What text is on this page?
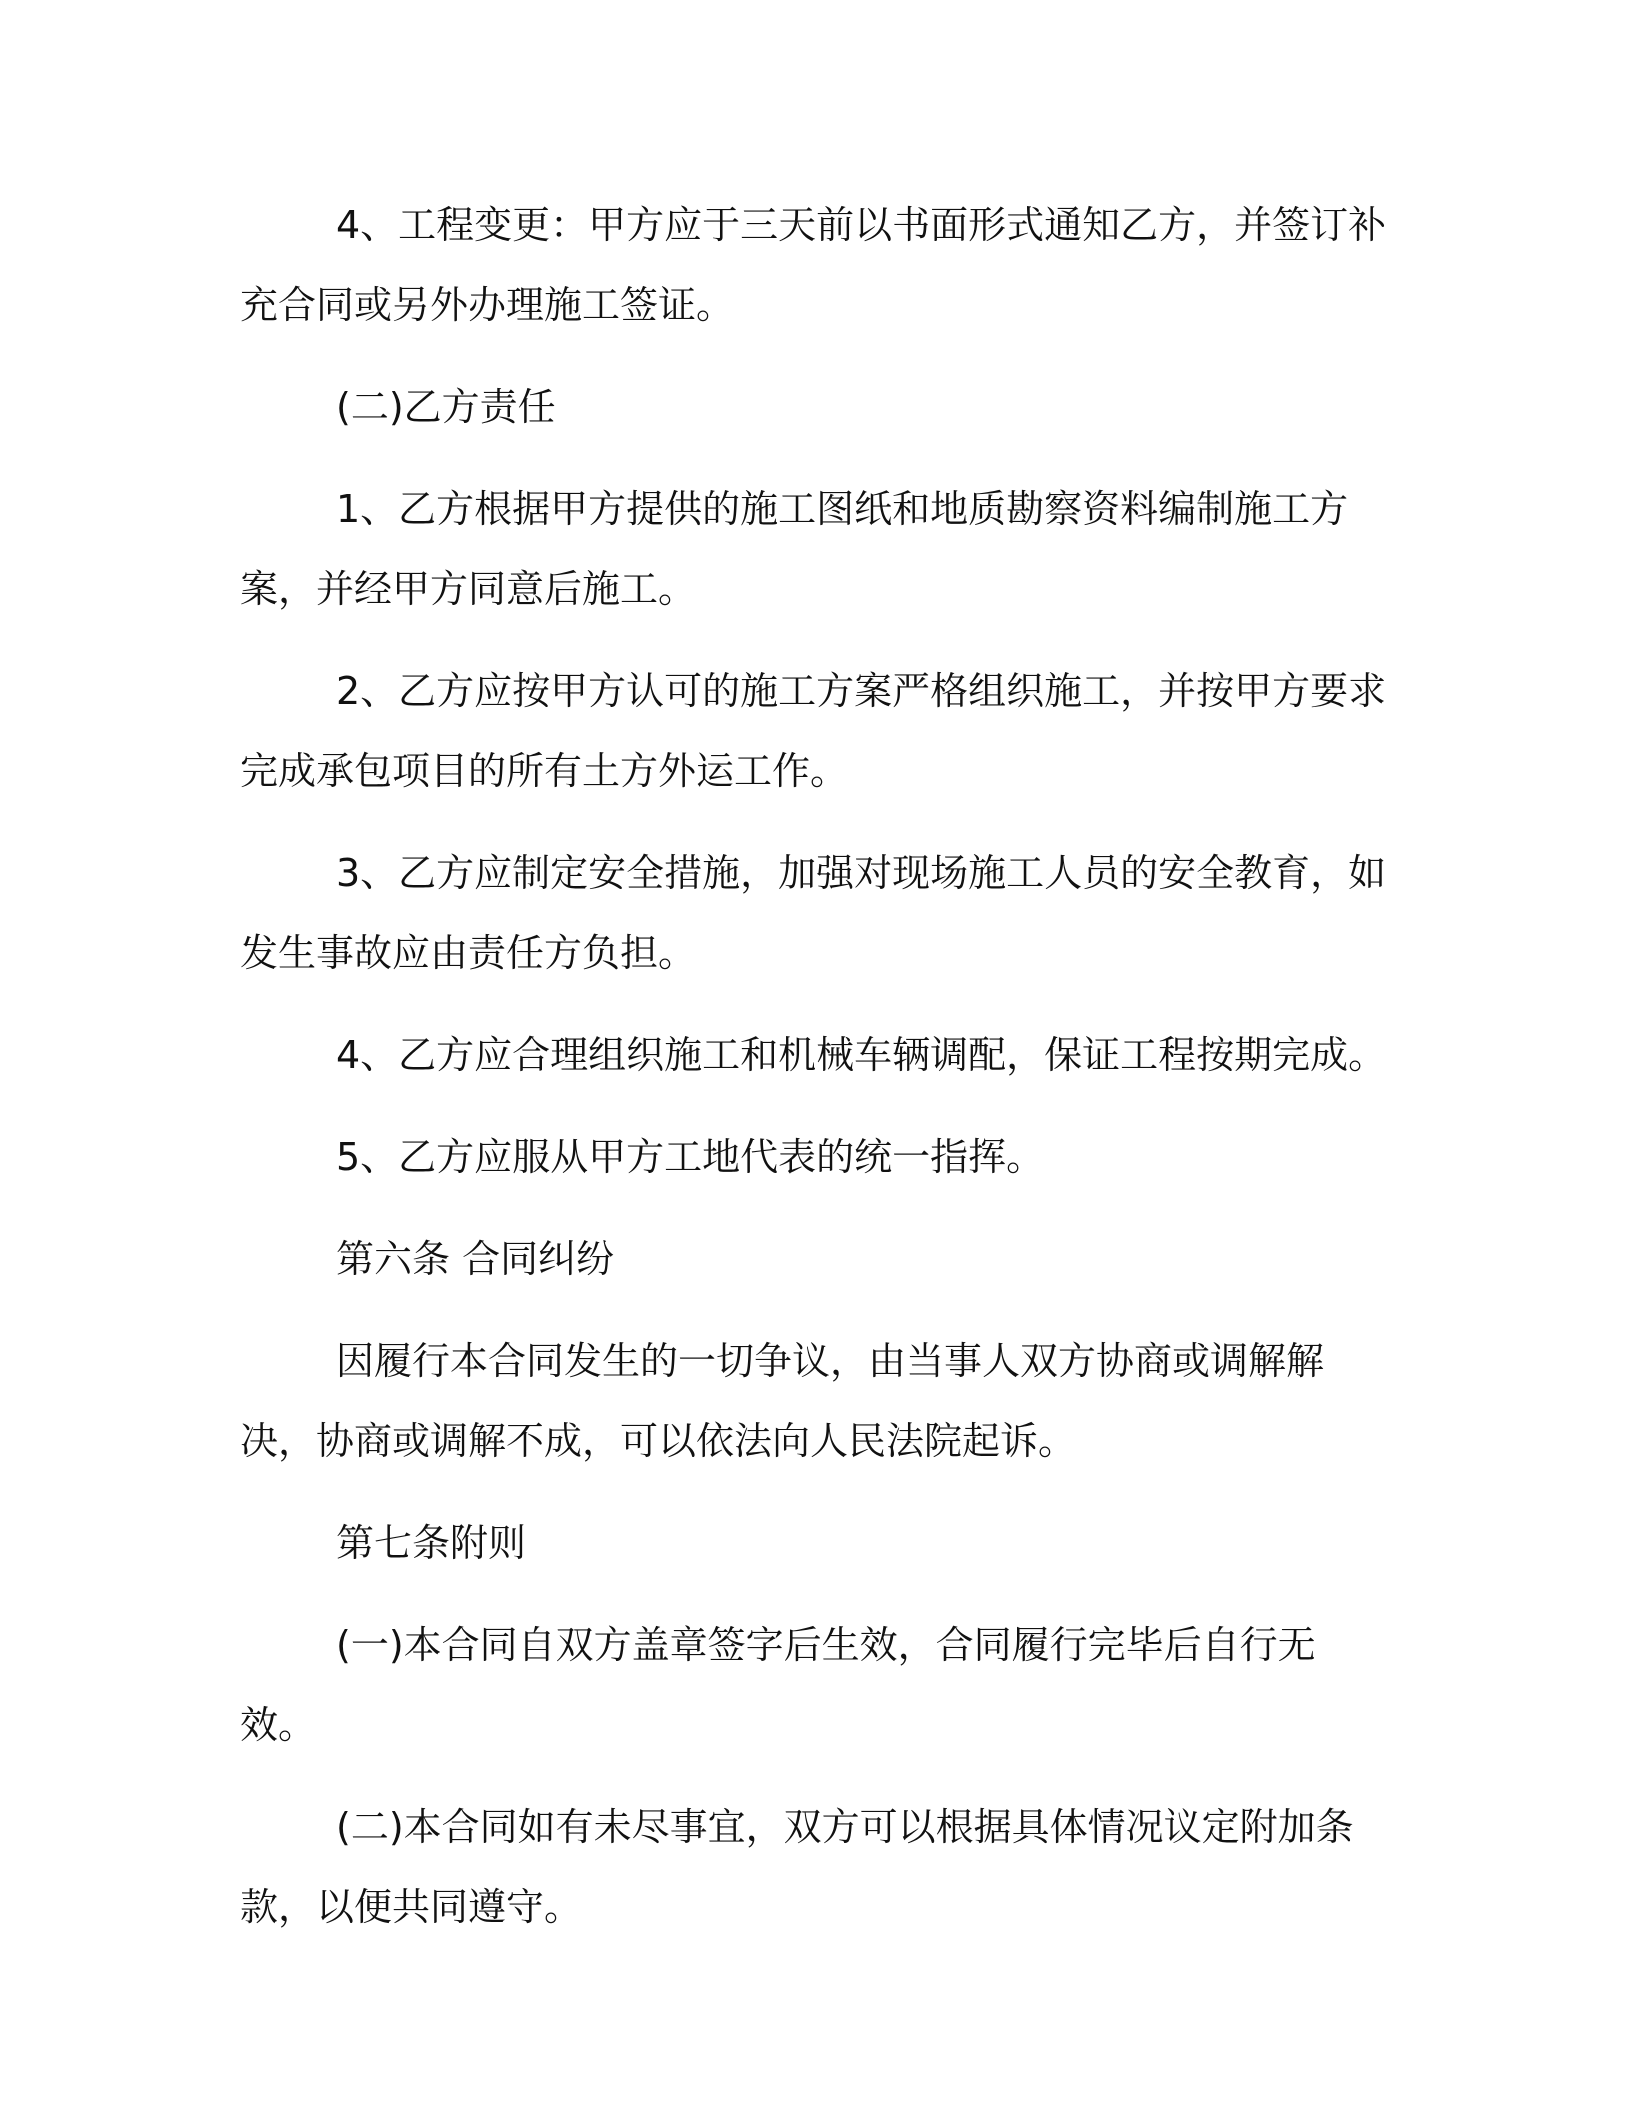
4、工程变更：甲方应于三天前以书面形式通知乙方，并签订补充合同或另外办理施工签证。

(二)乙方责任

1、乙方根据甲方提供的施工图纸和地质勘察资料编制施工方案，并经甲方同意后施工。

2、乙方应按甲方认可的施工方案严格组织施工，并按甲方要求完成承包项目的所有土方外运工作。

3、乙方应制定安全措施，加强对现场施工人员的安全教育，如发生事故应由责任方负担。

4、乙方应合理组织施工和机械车辆调配，保证工程按期完成。

5、乙方应服从甲方工地代表的统一指挥。

第六条 合同纠纷

因履行本合同发生的一切争议，由当事人双方协商或调解解决，协商或调解不成，可以依法向人民法院起诉。

第七条附则

(一)本合同自双方盖章签字后生效，合同履行完毕后自行无效。

(二)本合同如有未尽事宜，双方可以根据具体情况议定附加条款，以便共同遵守。
